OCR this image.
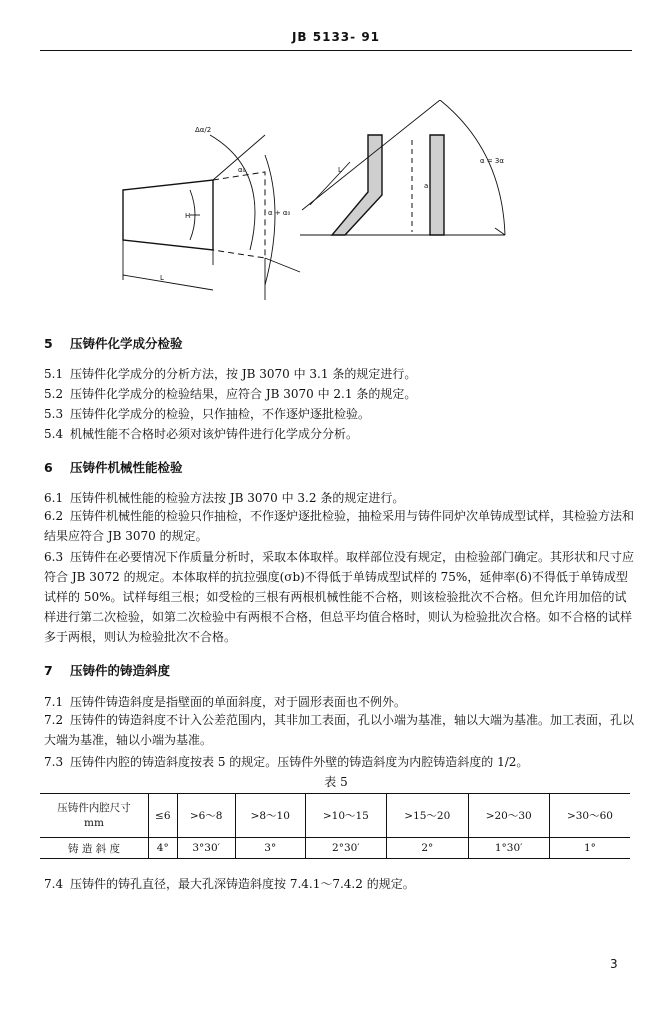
JB 5133- 91
Δα/2
α₀
α + α₀
H
L
L
a
α = 3α
5 压铸件化学成分检验
5.1 压铸件化学成分的分析方法，按 JB 3070 中 3.1 条的规定进行。
5.2 压铸件化学成分的检验结果，应符合 JB 3070 中 2.1 条的规定。
5.3 压铸件化学成分的检验，只作抽检，不作逐炉逐批检验。
5.4 机械性能不合格时必须对该炉铸件进行化学成分分析。
6 压铸件机械性能检验
6.1 压铸件机械性能的检验方法按 JB 3070 中 3.2 条的规定进行。
6.2 压铸件机械性能的检验只作抽检，不作逐炉逐批检验，抽检采用与铸件同炉次单铸成型试样，其检验方法和结果应符合 JB 3070 的规定。
6.3 压铸件在必要情况下作质量分析时，采取本体取样。取样部位没有规定，由检验部门确定。其形状和尺寸应符合 JB 3072 的规定。本体取样的抗拉强度(σb)不得低于单铸成型试样的 75%，延伸率(δ)不得低于单铸成型试样的 50%。试样每组三根；如受检的三根有两根机械性能不合格，则该检验批次不合格。但允许用加倍的试样进行第二次检验，如第二次检验中有两根不合格，但总平均值合格时，则认为检验批次合格。如不合格的试样多于两根，则认为检验批次不合格。
7 压铸件的铸造斜度
7.1 压铸件铸造斜度是指壁面的单面斜度，对于圆形表面也不例外。
7.2 压铸件的铸造斜度不计入公差范围内，其非加工表面，孔以小端为基准，轴以大端为基准。加工表面，孔以大端为基准，轴以小端为基准。
7.3 压铸件内腔的铸造斜度按表 5 的规定。压铸件外壁的铸造斜度为内腔铸造斜度的 1/2。
表 5
压铸件内腔尺寸
mm	≤6	>6～8	>8～10	>10～15	>15～20	>20～30	>30～60
铸 造 斜 度	4°	3°30′	3°	2°30′	2°	1°30′	1°
7.4 压铸件的铸孔直径，最大孔深铸造斜度按 7.4.1～7.4.2 的规定。
3
